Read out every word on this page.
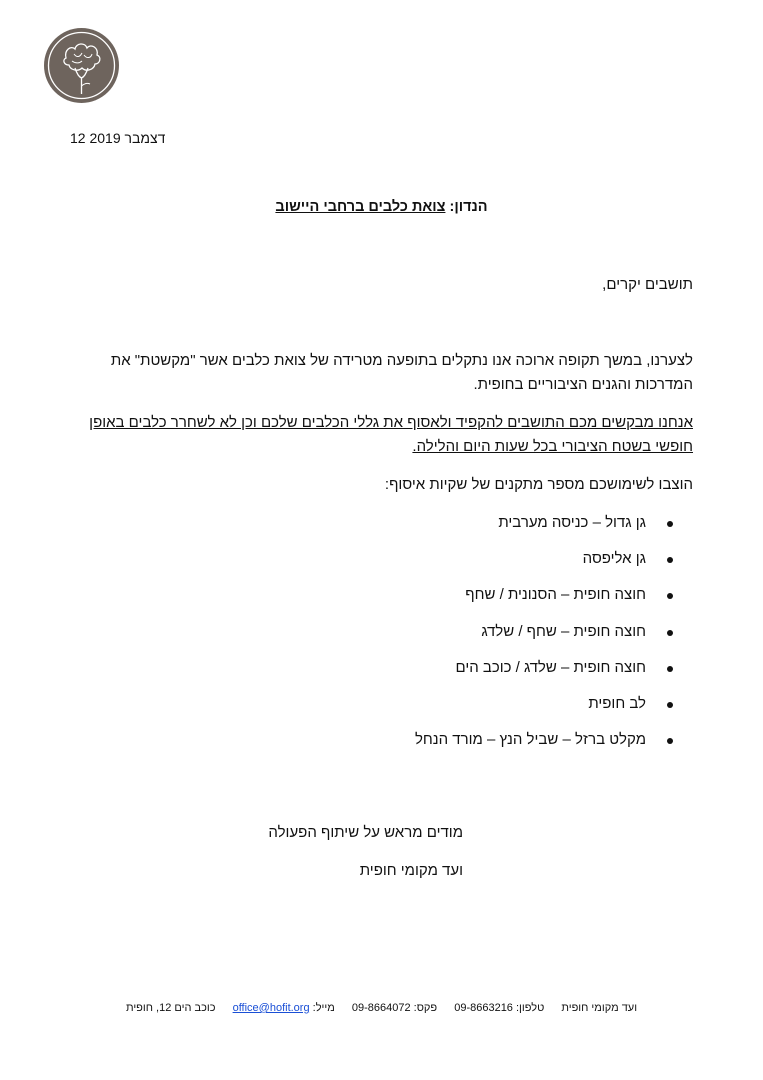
12 דצמבר 2019
הנדון: צואת כלבים ברחבי היישוב
תושבים יקרים,
לצערנו, במשך תקופה ארוכה אנו נתקלים בתופעה מטרידה של צואת כלבים אשר "מקשטת" את המדרכות והגנים הציבוריים בחופית.
אנחנו מבקשים מכם התושבים להקפיד ולאסוף את גללי הכלבים שלכם וכן לא לשחרר כלבים באופן חופשי בשטח הציבורי בכל שעות היום והלילה.
הוצבו לשימושכם מספר מתקנים של שקיות איסוף:
גן גדול – כניסה מערבית
גן אליפסה
חוצה חופית – הסנונית / שחף
חוצה חופית – שחף / שלדג
חוצה חופית – שלדג / כוכב הים
לב חופית
מקלט ברזל – שביל הנץ – מורד הנחל
מודים מראש על שיתוף הפעולה
ועד מקומי חופית
ועד מקומי חופית טלפון: 09-8663216 פקס: 09-8664072 מייל: office@hofit.org כוכב הים 12, חופית
